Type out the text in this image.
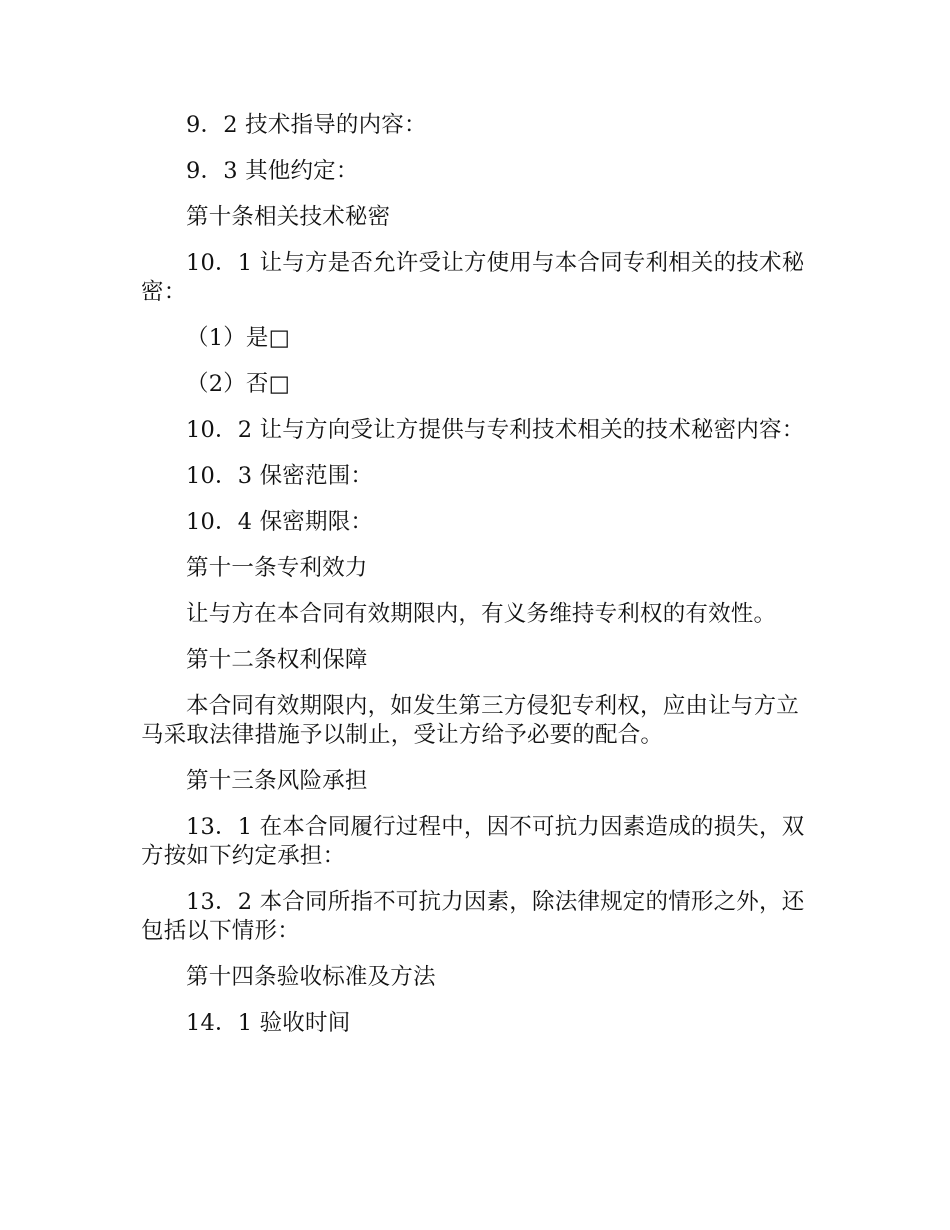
9．2 技术指导的内容：

9．3 其他约定：

第十条相关技术秘密

10．1 让与方是否允许受让方使用与本合同专利相关的技术秘密：

（1）是□

（2）否□

10．2 让与方向受让方提供与专利技术相关的技术秘密内容：

10．3 保密范围：

10．4 保密期限：

第十一条专利效力

让与方在本合同有效期限内，有义务维持专利权的有效性。

第十二条权利保障

本合同有效期限内，如发生第三方侵犯专利权，应由让与方立马采取法律措施予以制止，受让方给予必要的配合。

第十三条风险承担

13．1 在本合同履行过程中，因不可抗力因素造成的损失，双方按如下约定承担：

13．2 本合同所指不可抗力因素，除法律规定的情形之外，还包括以下情形：

第十四条验收标准及方法

14．1 验收时间
